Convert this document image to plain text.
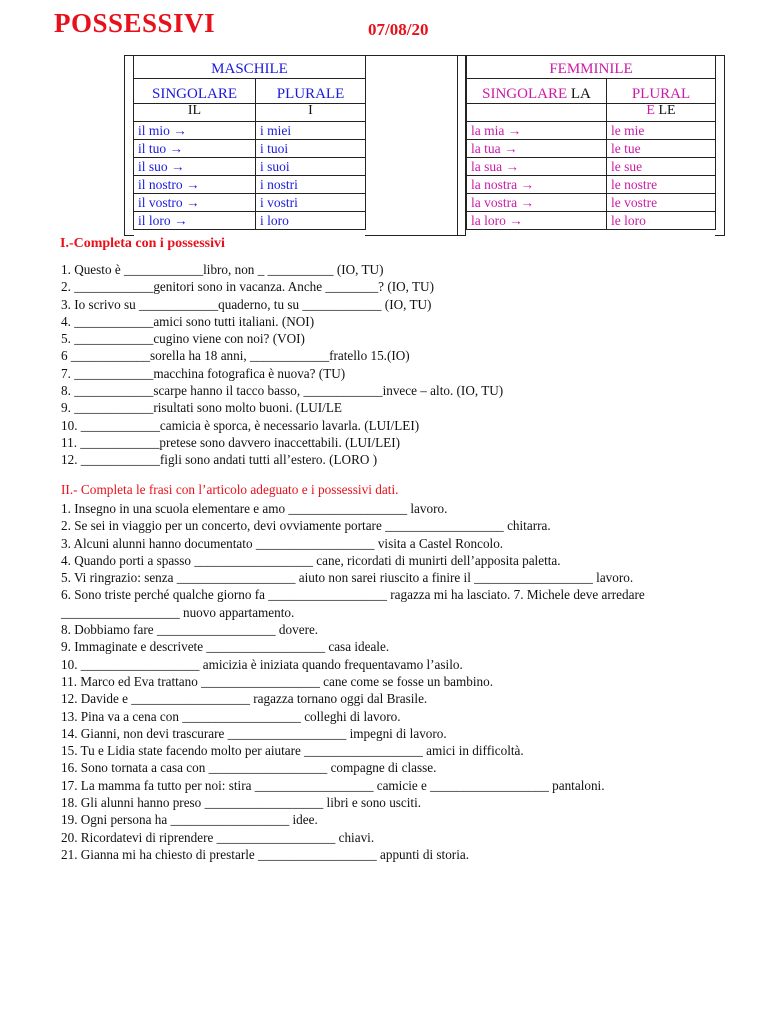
POSSESSIVI	07/08/20
MASCHILE	
SINGOLARE	PLURALE
IL	I
il mio →	i miei
il tuo →	i tuoi
il suo →	i suoi
il nostro →	i nostri
il vostro →	i vostri
il loro →	i loro
FEMMINILE	
SINGOLARE LA	PLURAL
	E LE
la mia →	le mie
la tua →	le tue
la sua →	le sue
la nostra →	le nostre
la vostra →	le vostre
la loro →	le loro
I.-Completa con i possessivi
1. Questo è ____________libro, non _ __________ (IO, TU)
2. ____________genitori sono in vacanza. Anche ________? (IO, TU)
3. Io scrivo su ____________quaderno, tu su ____________ (IO, TU)
4. ____________amici sono tutti italiani. (NOI)
5. ____________cugino viene con noi? (VOI)
6 ____________sorella ha 18 anni, ____________fratello 15.(IO)
7. ____________macchina fotografica è nuova? (TU)
8. ____________scarpe hanno il tacco basso, ____________invece – alto. (IO, TU)
9. ____________risultati sono molto buoni. (LUI/LE
10. ____________camicia è sporca, è necessario lavarla. (LUI/LEI)
11. ____________pretese sono davvero inaccettabili. (LUI/LEI)
12. ____________figli sono andati tutti all’estero. (LORO )
II.- Completa le frasi con l’articolo adeguato e i possessivi dati.
1. Insegno in una scuola elementare e amo __________________ lavoro.
2. Se sei in viaggio per un concerto, devi ovviamente portare __________________ chitarra.
3. Alcuni alunni hanno documentato __________________ visita a Castel Roncolo.
4. Quando porti a spasso __________________ cane, ricordati di munirti dell’apposita paletta.
5. Vi ringrazio: senza __________________ aiuto non sarei riuscito a finire il __________________ lavoro.
6. Sono triste perché qualche giorno fa __________________ ragazza mi ha lasciato. 7. Michele deve arredare __________________ nuovo appartamento.
8. Dobbiamo fare __________________ dovere.
9. Immaginate e descrivete __________________ casa ideale.
10. __________________ amicizia è iniziata quando frequentavamo l’asilo.
11. Marco ed Eva trattano __________________ cane come se fosse un bambino.
12. Davide e __________________ ragazza tornano oggi dal Brasile.
13. Pina va a cena con __________________ colleghi di lavoro.
14. Gianni, non devi trascurare __________________ impegni di lavoro.
15. Tu e Lidia state facendo molto per aiutare __________________ amici in difficoltà.
16. Sono tornata a casa con __________________ compagne di classe.
17. La mamma fa tutto per noi: stira __________________ camicie e __________________ pantaloni.
18. Gli alunni hanno preso __________________ libri e sono usciti.
19. Ogni persona ha __________________ idee.
20. Ricordatevi di riprendere __________________ chiavi.
21. Gianna mi ha chiesto di prestarle __________________ appunti di storia.
